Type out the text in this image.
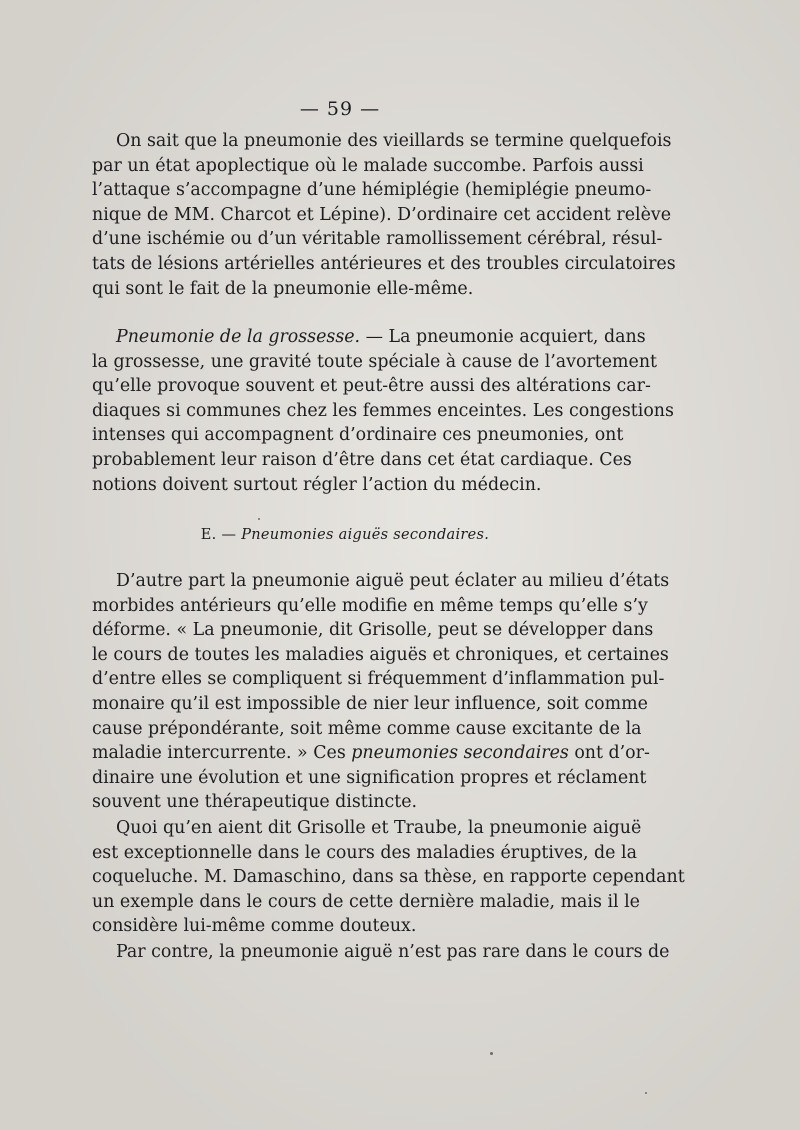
— 59 —
On sait que la pneumonie des vieillards se termine quelquefois
par un état apoplectique où le malade succombe. Parfois aussi
l’attaque s’accompagne d’une hémiplégie (hemiplégie pneumo-
nique de MM. Charcot et Lépine). D’ordinaire cet accident relève
d’une ischémie ou d’un véritable ramollissement cérébral, résul-
tats de lésions artérielles antérieures et des troubles circulatoires
qui sont le fait de la pneumonie elle-même.
Pneumonie de la grossesse. — La pneumonie acquiert, dans
la grossesse, une gravité toute spéciale à cause de l’avortement
qu’elle provoque souvent et peut-être aussi des altérations car-
diaques si communes chez les femmes enceintes. Les congestions
intenses qui accompagnent d’ordinaire ces pneumonies, ont
probablement leur raison d’être dans cet état cardiaque. Ces
notions doivent surtout régler l’action du médecin.
E. — Pneumonies aiguës secondaires.
D’autre part la pneumonie aiguë peut éclater au milieu d’états
morbides antérieurs qu’elle modifie en même temps qu’elle s’y
déforme. « La pneumonie, dit Grisolle, peut se développer dans
le cours de toutes les maladies aiguës et chroniques, et certaines
d’entre elles se compliquent si fréquemment d’inflammation pul-
monaire qu’il est impossible de nier leur influence, soit comme
cause prépondérante, soit même comme cause excitante de la
maladie intercurrente. » Ces pneumonies secondaires ont d’or-
dinaire une évolution et une signification propres et réclament
souvent une thérapeutique distincte.
Quoi qu’en aient dit Grisolle et Traube, la pneumonie aiguë
est exceptionnelle dans le cours des maladies éruptives, de la
coqueluche. M. Damaschino, dans sa thèse, en rapporte cependant
un exemple dans le cours de cette dernière maladie, mais il le
considère lui-même comme douteux.
Par contre, la pneumonie aiguë n’est pas rare dans le cours de
